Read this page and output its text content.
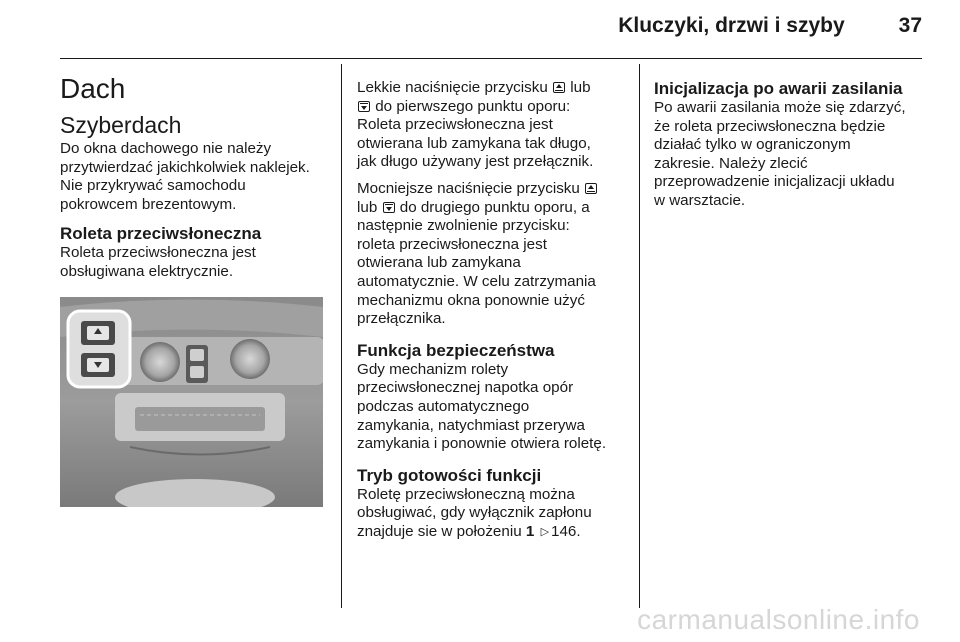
Kluczyki, drzwi i szyby	37
Dach
Szyberdach

Do okna dachowego nie należy
przytwierdzać jakichkolwiek naklejek.
Nie przykrywać samochodu
pokrowcem brezentowym.

Roleta przeciwsłoneczna

Roleta przeciwsłoneczna jest
obsługiwana elektrycznie.

Lekkie naciśnięcie przycisku lub
do pierwszego punktu oporu:
Roleta przeciwsłoneczna jest
otwierana lub zamykana tak długo,
jak długo używany jest przełącznik.

Mocniejsze naciśnięcie przycisku
lub do drugiego punktu oporu, a
następnie zwolnienie przycisku:
roleta przeciwsłoneczna jest
otwierana lub zamykana
automatycznie. W celu zatrzymania
mechanizmu okna ponownie użyć
przełącznika.

Funkcja bezpieczeństwa

Gdy mechanizm rolety
przeciwsłonecznej napotka opór
podczas automatycznego
zamykania, natychmiast przerywa
zamykania i ponownie otwiera roletę.

Tryb gotowości funkcji

Roletę przeciwsłoneczną można
obsługiwać, gdy wyłącznik zapłonu
znajduje sie w położeniu 1 ▷ 146.

Inicjalizacja po awarii zasilania

Po awarii zasilania może się zdarzyć,
że roleta przeciwsłoneczna będzie
działać tylko w ograniczonym
zakresie. Należy zlecić
przeprowadzenie inicjalizacji układu
w warsztacie.

carmanualsonline.info
